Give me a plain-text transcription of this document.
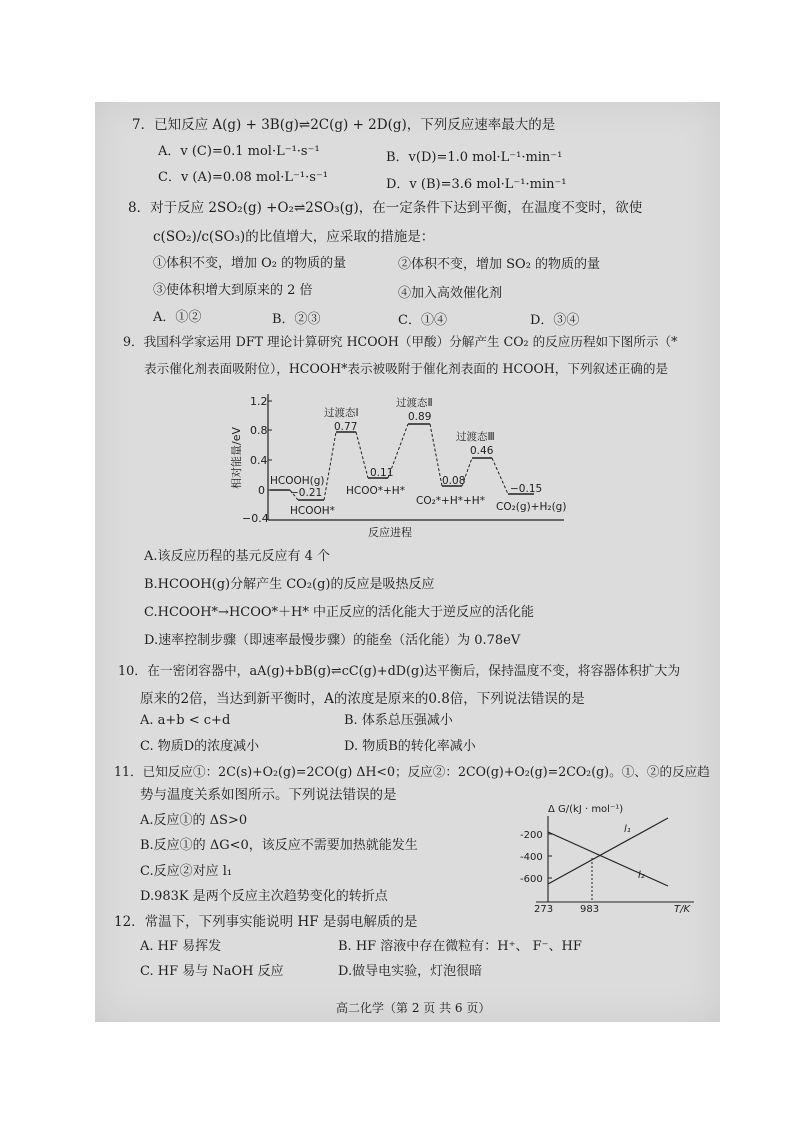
7．已知反应 A(g) + 3B(g)⇌2C(g) + 2D(g)，下列反应速率最大的是
A．v (C)=0.1 mol·L⁻¹·s⁻¹	B．v(D)=1.0 mol·L⁻¹·min⁻¹
C．v (A)=0.08 mol·L⁻¹·s⁻¹	D．v (B)=3.6 mol·L⁻¹·min⁻¹
8．对于反应 2SO₂(g) +O₂⇌2SO₃(g)，在一定条件下达到平衡，在温度不变时，欲使
c(SO₂)/c(SO₃)的比值增大，应采取的措施是：
①体积不变，增加 O₂ 的物质的量	②体积不变，增加 SO₂ 的物质的量
③使体积增大到原来的 2 倍	④加入高效催化剂
A．①②	B．②③	C．①④	D．③④
9．我国科学家运用 DFT 理论计算研究 HCOOH（甲酸）分解产生 CO₂ 的反应历程如下图所示（*
表示催化剂表面吸附位），HCOOH*表示被吸附于催化剂表面的 HCOOH，下列叙述正确的是
1.2
0.8
0.4
0
−0.4
相对能量/eV
反应进程
HCOOH(g)
−0.21
HCOOH*
过渡态Ⅰ
0.77
0.11
HCOO*+H*
过渡态Ⅱ
0.89
0.08
CO₂*+H*+H*
过渡态Ⅲ
0.46
−0.15
CO₂(g)+H₂(g)
A.该反应历程的基元反应有 4 个
B.HCOOH(g)分解产生 CO₂(g)的反应是吸热反应
C.HCOOH*→HCOO*＋H* 中正反应的活化能大于逆反应的活化能
D.速率控制步骤（即速率最慢步骤）的能垒（活化能）为 0.78eV
10．在一密闭容器中，aA(g)+bB(g)⇌cC(g)+dD(g)达平衡后，保持温度不变，将容器体积扩大为
原来的2倍，当达到新平衡时，A的浓度是原来的0.8倍，下列说法错误的是
A. a+b < c+d	B. 体系总压强减小
C. 物质D的浓度减小	D. 物质B的转化率减小
11．已知反应①：2C(s)+O₂(g)=2CO(g) ΔH<0；反应②：2CO(g)+O₂(g)=2CO₂(g)。①、②的反应趋
势与温度关系如图所示。下列说法错误的是
A.反应①的 ΔS>0
B.反应①的 ΔG<0，该反应不需要加热就能发生
C.反应②对应 l₁
D.983K 是两个反应主次趋势变化的转折点
Δ G/(kJ · mol⁻¹)
-200
-400
-600
l₁
l₂
273	983	T/K
12．常温下，下列事实能说明 HF 是弱电解质的是
A. HF 易挥发	B. HF 溶液中存在微粒有：H⁺、 F⁻、HF
C. HF 易与 NaOH 反应	D.做导电实验，灯泡很暗
高二化学（第 2 页 共 6 页）
